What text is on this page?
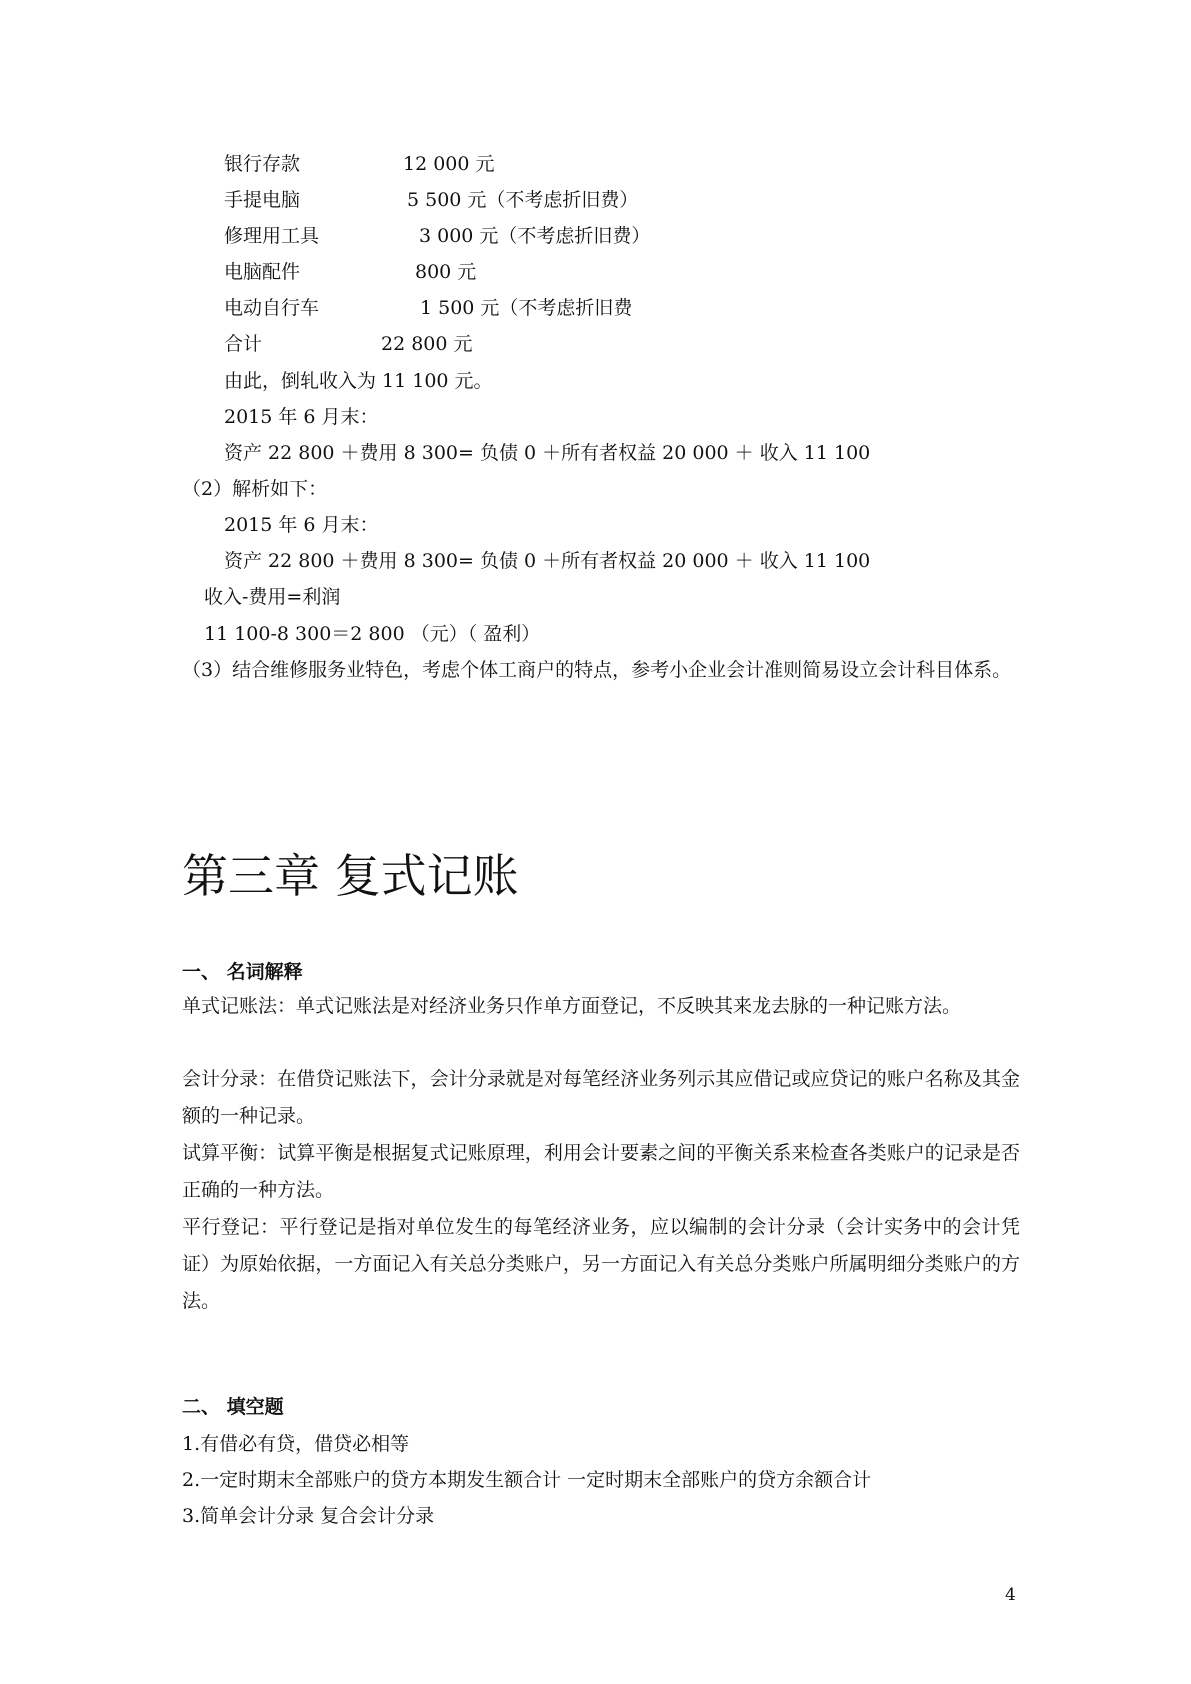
银行存款	12 000 元
手提电脑	5 500 元（不考虑折旧费）
修理用工具	3 000 元（不考虑折旧费）
电脑配件	800 元
电动自行车	1 500 元（不考虑折旧费
合计	22 800 元
由此，倒轧收入为 11 100 元。
2015 年 6 月末：
资产 22 800 ＋费用 8 300= 负债 0 ＋所有者权益 20 000 ＋ 收入 11 100
（2）解析如下：
2015 年 6 月末：
资产 22 800 ＋费用 8 300= 负债 0 ＋所有者权益 20 000 ＋ 收入 11 100
收入-费用=利润
11 100-8 300＝2 800 （元）（ 盈利）
（3）结合维修服务业特色，考虑个体工商户的特点，参考小企业会计准则简易设立会计科目体系。
第三章 复式记账
一、 名词解释
单式记账法：单式记账法是对经济业务只作单方面登记，不反映其来龙去脉的一种记账方法。
会计分录：在借贷记账法下，会计分录就是对每笔经济业务列示其应借记或应贷记的账户名称及其金额的一种记录。
试算平衡：试算平衡是根据复式记账原理，利用会计要素之间的平衡关系来检查各类账户的记录是否正确的一种方法。
平行登记：平行登记是指对单位发生的每笔经济业务，应以编制的会计分录（会计实务中的会计凭证）为原始依据，一方面记入有关总分类账户，另一方面记入有关总分类账户所属明细分类账户的方法。
二、 填空题
1.有借必有贷，借贷必相等
2.一定时期末全部账户的贷方本期发生额合计 一定时期末全部账户的贷方余额合计
3.简单会计分录 复合会计分录
4
